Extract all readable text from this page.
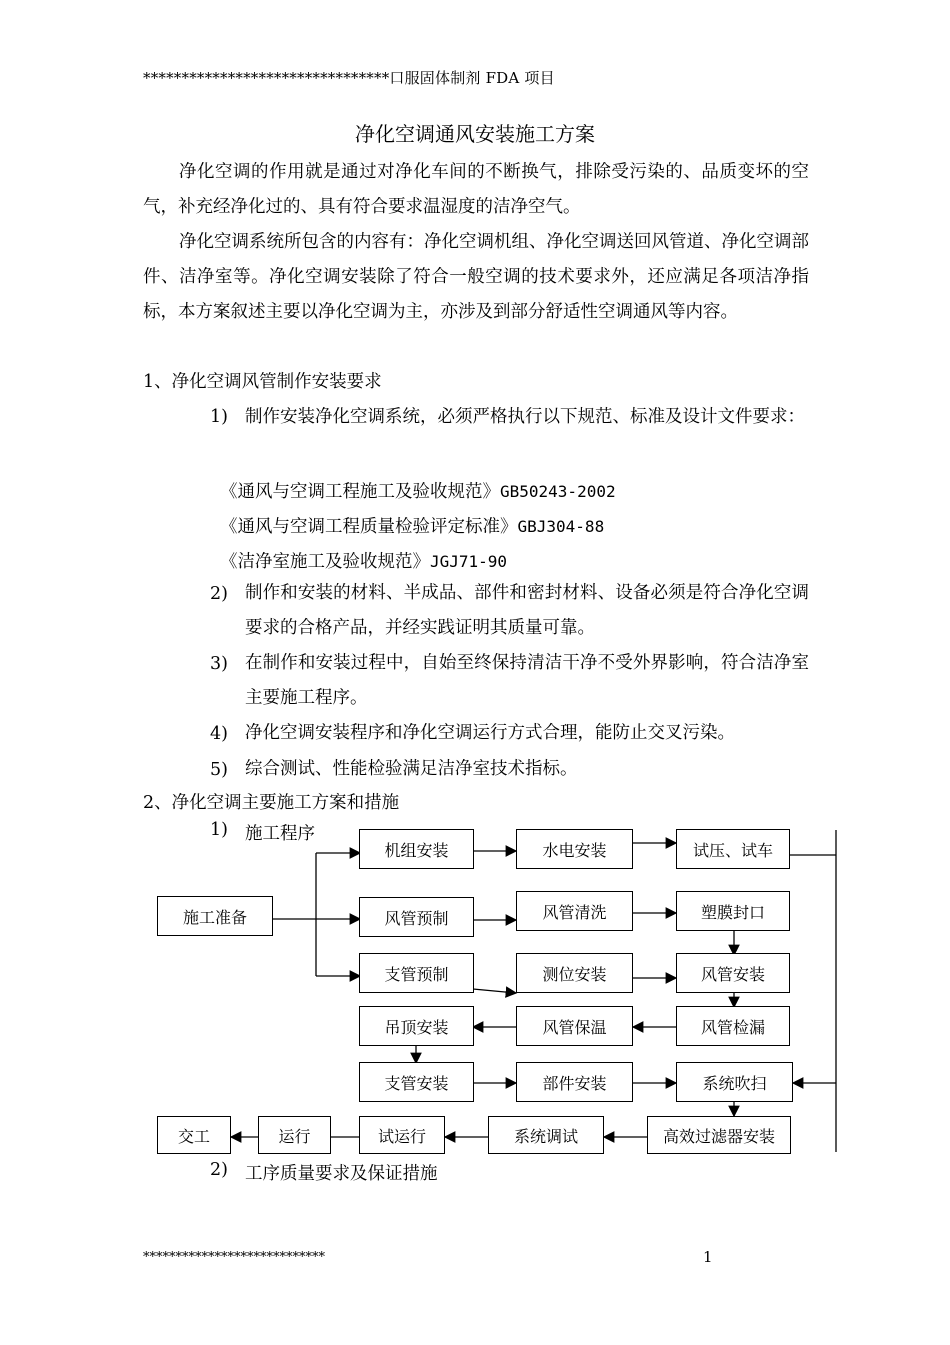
********************************口服固体制剂 FDA 项目
净化空调通风安装施工方案
净化空调的作用就是通过对净化车间的不断换气，排除受污染的、品质变坏的空气，补充经净化过的、具有符合要求温湿度的洁净空气。
净化空调系统所包含的内容有：净化空调机组、净化空调送回风管道、净化空调部件、洁净室等。净化空调安装除了符合一般空调的技术要求外，还应满足各项洁净指标，本方案叙述主要以净化空调为主，亦涉及到部分舒适性空调通风等内容。
1、净化空调风管制作安装要求
1) 制作安装净化空调系统，必须严格执行以下规范、标准及设计文件要求：
《通风与空调工程施工及验收规范》GB50243-2002
《通风与空调工程质量检验评定标准》GBJ304-88
《洁净室施工及验收规范》JGJ71-90
2) 制作和安装的材料、半成品、部件和密封材料、设备必须是符合净化空调要求的合格产品，并经实践证明其质量可靠。
3) 在制作和安装过程中，自始至终保持清洁干净不受外界影响，符合洁净室主要施工程序。
4) 净化空调安装程序和净化空调运行方式合理，能防止交叉污染。
5) 综合测试、性能检验满足洁净室技术指标。
2、净化空调主要施工方案和措施
1) 施工程序
施工准备
机组安装	水电安装	试压、试车
风管预制	风管清洗	塑膜封口
支管预制	测位安装	风管安装
吊顶安装	风管保温	风管检漏
支管安装	部件安装	系统吹扫
交工	运行	试运行	系统调试	高效过滤器安装
2) 工序质量要求及保证措施
****************************	1
